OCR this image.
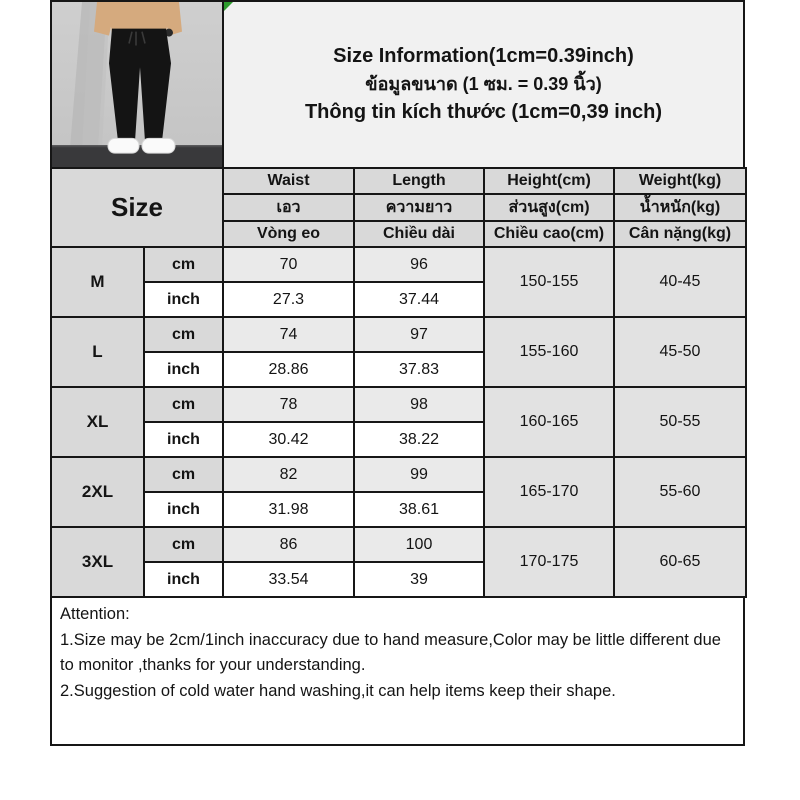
Size Information(1cm=0.39inch)
ข้อมูลขนาด (1 ซม. = 0.39 นิ้ว)
Thông tin kích thước (1cm=0,39 inch)
Size		Waist	Length	Height(cm)	Weight(kg)
		เอว	ความยาว	ส่วนสูง(cm)	น้ำหนัก(kg)
		Vòng eo	Chiều dài	Chiều cao(cm)	Cân nặng(kg)
M	cm	70	96	150-155	40-45
	inch	27.3	37.44		
L	cm	74	97	155-160	45-50
	inch	28.86	37.83		
XL	cm	78	98	160-165	50-55
	inch	30.42	38.22		
2XL	cm	82	99	165-170	55-60
	inch	31.98	38.61		
3XL	cm	86	100	170-175	60-65
	inch	33.54	39		

Attention:

1.Size may be 2cm/1inch inaccuracy due to hand measure,Color may be little different due to monitor ,thanks for your understanding.

2.Suggestion of cold water hand washing,it can help items keep their shape.
